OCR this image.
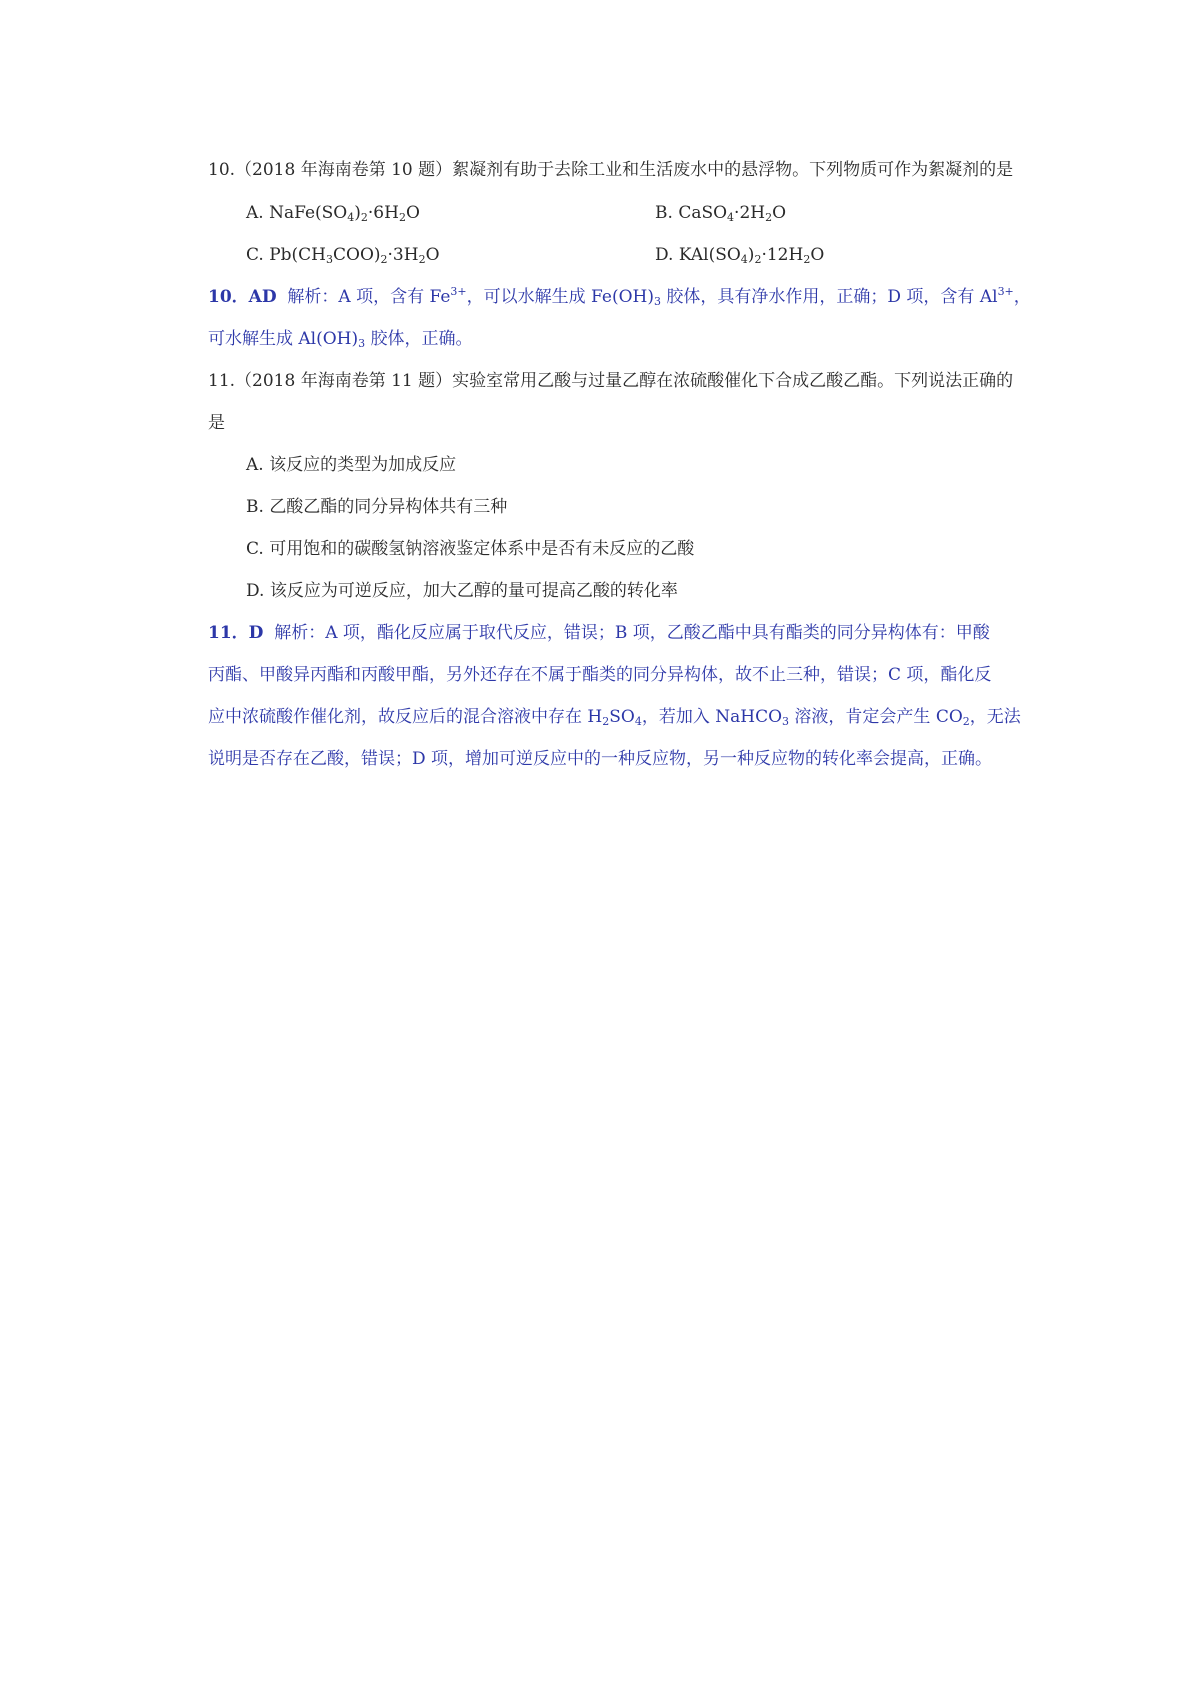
10.（2018 年海南卷第 10 题）絮凝剂有助于去除工业和生活废水中的悬浮物。下列物质可作为絮凝剂的是
A. $NaFe(SO_4)_2\cdot 6H_2O$	B. $CaSO_4\cdot 2H_2O$
C. $Pb(CH_3COO)_2\cdot 3H_2O$	D. $KAl(SO_4)_2\cdot 12H_2O$
10．AD 解析：A 项，含有 $Fe^{3+}$，可以水解生成 $Fe(OH)_3$ 胶体，具有净水作用，正确；D 项，含有 $Al^{3+}$，
可水解生成 $Al(OH)_3$ 胶体，正确。
11.（2018 年海南卷第 11 题）实验室常用乙酸与过量乙醇在浓硫酸催化下合成乙酸乙酯。下列说法正确的
是
A. 该反应的类型为加成反应
B. 乙酸乙酯的同分异构体共有三种
C. 可用饱和的碳酸氢钠溶液鉴定体系中是否有未反应的乙酸
D. 该反应为可逆反应，加大乙醇的量可提高乙酸的转化率
11．D 解析：A 项，酯化反应属于取代反应，错误；B 项，乙酸乙酯中具有酯类的同分异构体有：甲酸
丙酯、甲酸异丙酯和丙酸甲酯，另外还存在不属于酯类的同分异构体，故不止三种，错误；C 项，酯化反
应中浓硫酸作催化剂，故反应后的混合溶液中存在 $H_2SO_4$，若加入 NaHCO$_3$ 溶液，肯定会产生 $CO_2$，无法
说明是否存在乙酸，错误；D 项，增加可逆反应中的一种反应物，另一种反应物的转化率会提高，正确。
